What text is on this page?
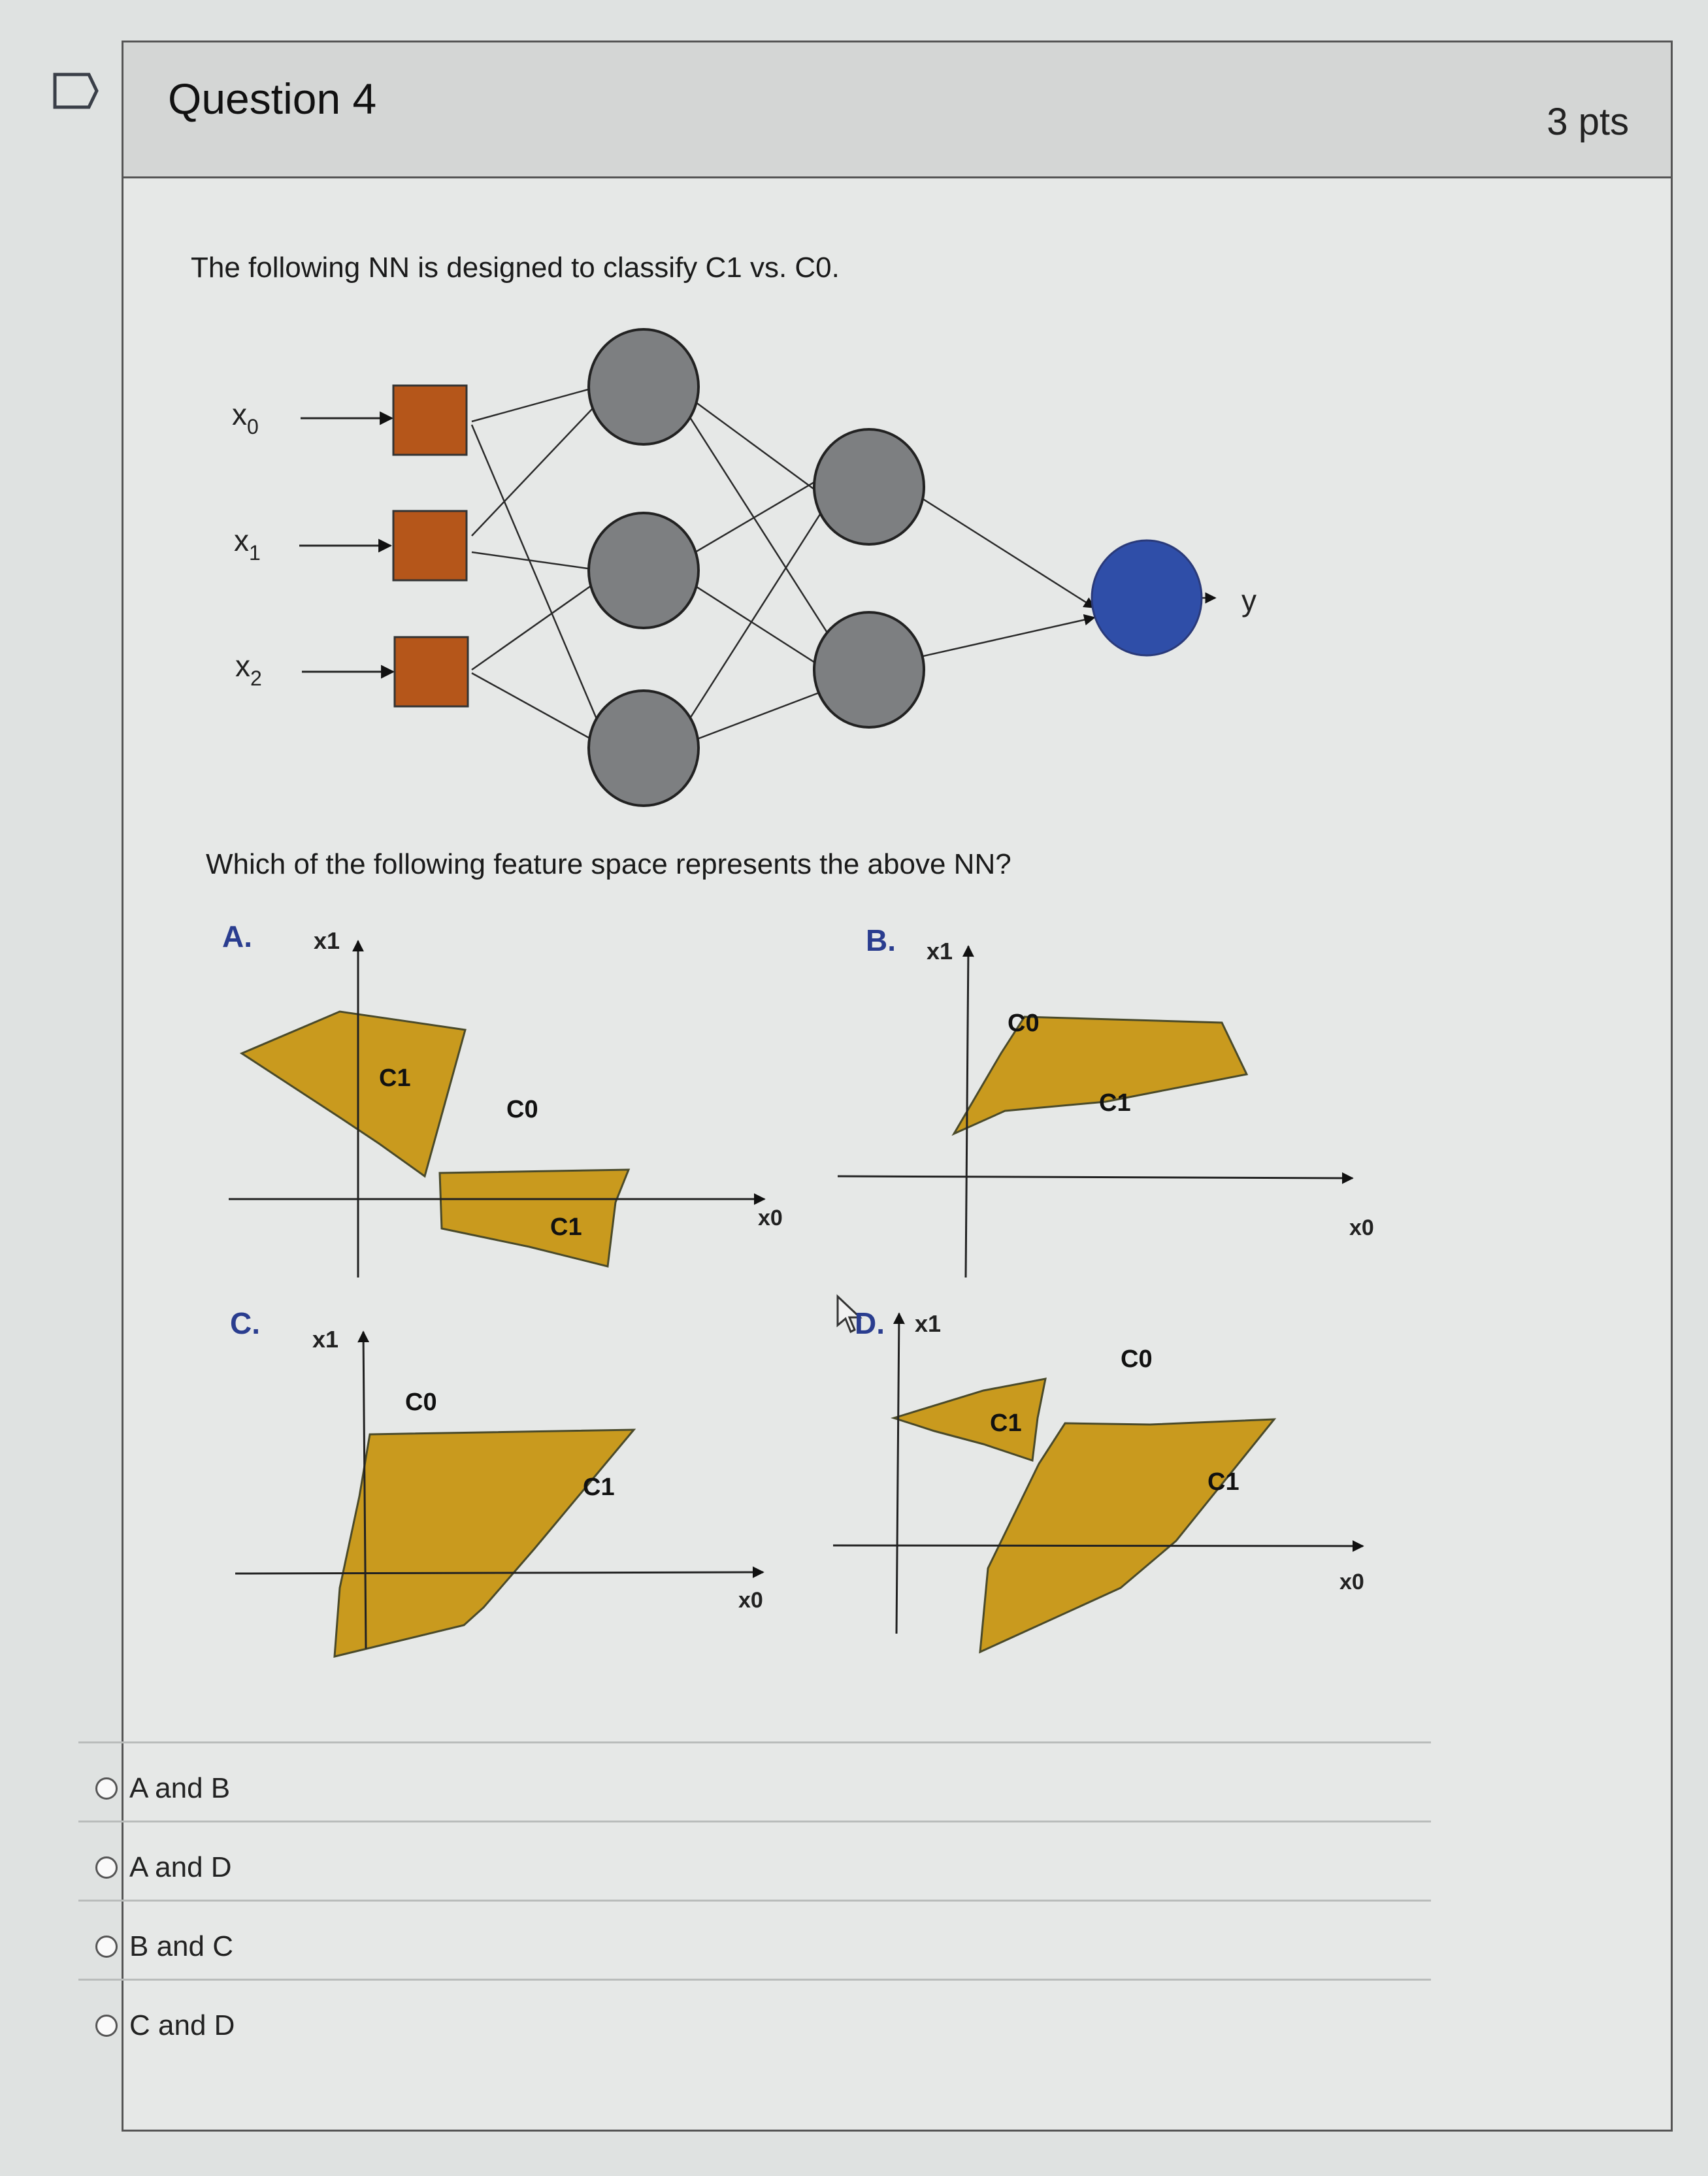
Question 4	3 pts
The following NN is designed to classify C1 vs. C0.
$x_0$
$x_1$
$x_2$
y
Which of the following feature space represents the above NN?
A.	x1
x0
C1
C0
C1
B. x1
x0
C0
C1
C. x1
x0
C0
C1
D. x1
x0
C0
C1
C1
A and B
A and D
B and C
C and D
